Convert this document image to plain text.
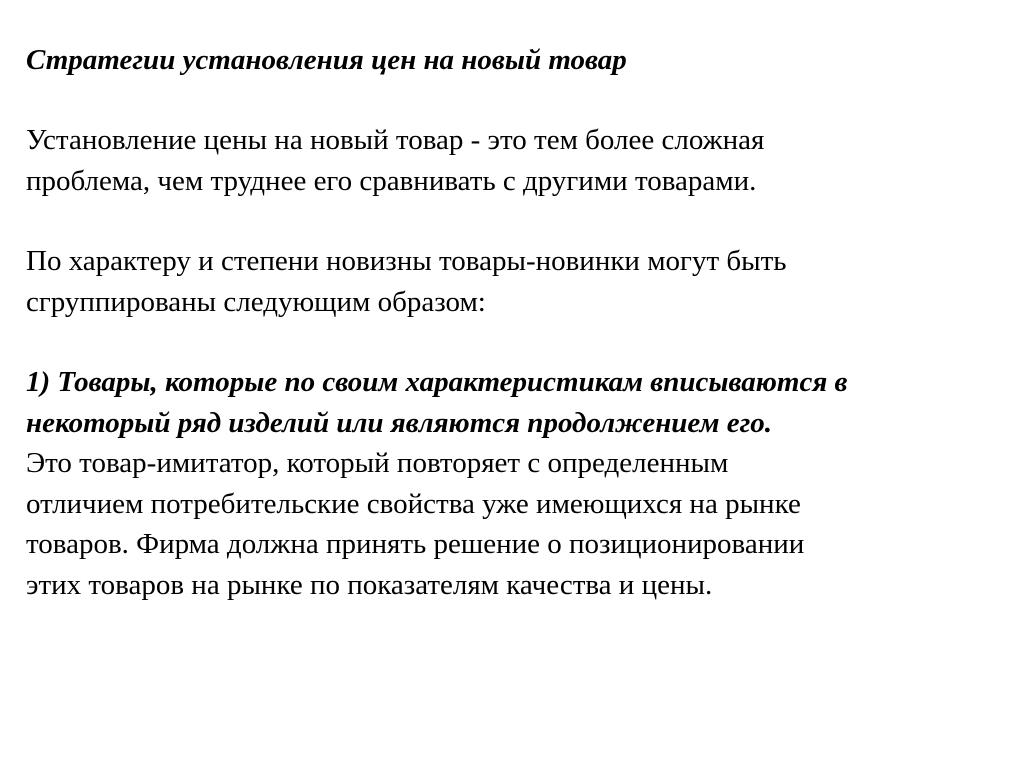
Стратегии установления цен на новый товар

Установление цены на новый товар - это тем более сложная
проблема, чем труднее его сравнивать с другими товарами.

По характеру и степени новизны товары-новинки могут быть
сгруппированы следующим образом:

1) Товары, которые по своим характеристикам вписываются в
некоторый ряд изделий или являются продолжением его.
Это товар-имитатор, который повторяет с определенным
отличием потребительские свойства уже имеющихся на рынке
товаров. Фирма должна принять решение о позиционировании
этих товаров на рынке по показателям качества и цены.
